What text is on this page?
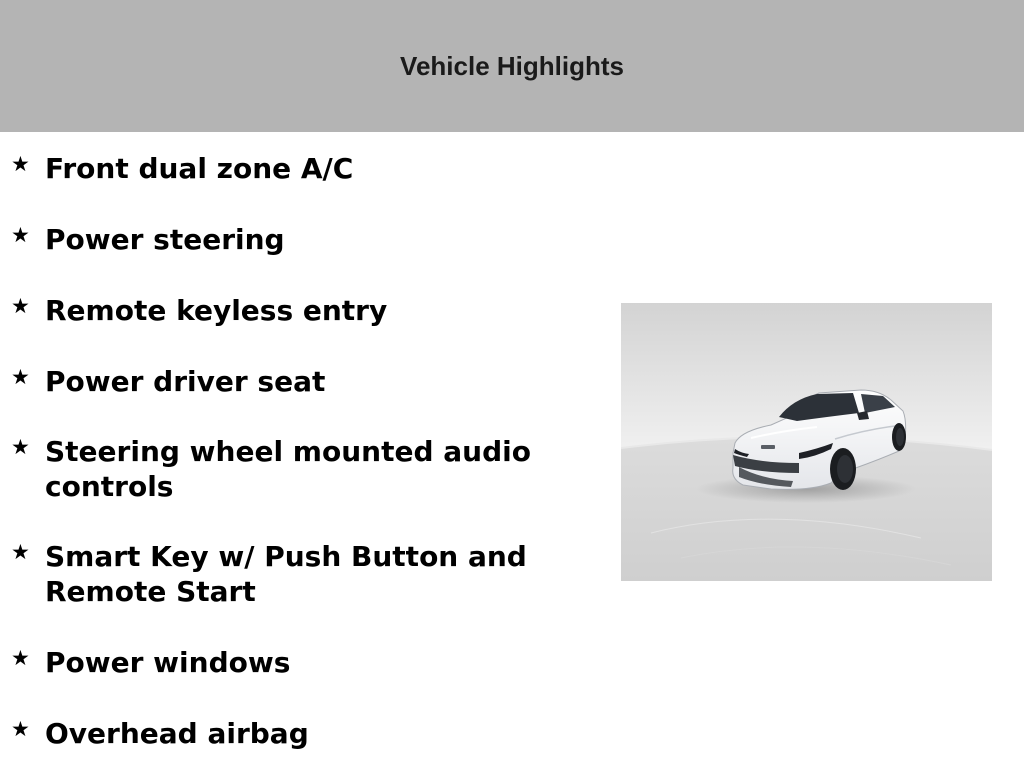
Vehicle Highlights
★ Front dual zone A/C
★ Power steering
★ Remote keyless entry
★ Power driver seat
★ Steering wheel mounted audio controls
★ Smart Key w/ Push Button and Remote Start
★ Power windows
★ Overhead airbag
